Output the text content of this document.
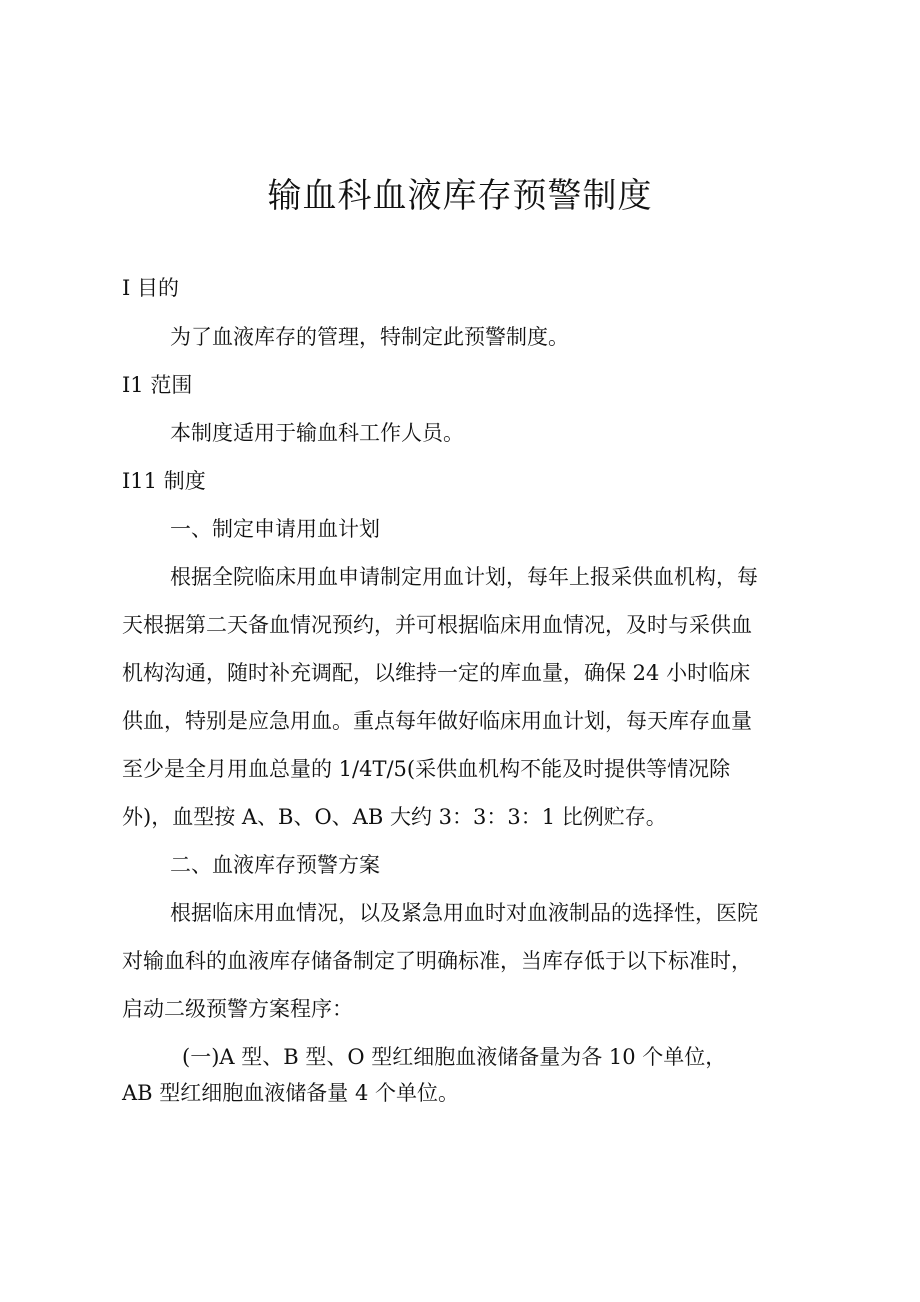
输血科血液库存预警制度

I 目的

为了血液库存的管理，特制定此预警制度。

I1 范围

本制度适用于输血科工作人员。

I11 制度

一、制定申请用血计划

根据全院临床用血申请制定用血计划，每年上报采供血机构，每

天根据第二天备血情况预约，并可根据临床用血情况，及时与采供血

机构沟通，随时补充调配，以维持一定的库血量，确保 24 小时临床

供血，特别是应急用血。重点每年做好临床用血计划，每天库存血量

至少是全月用血总量的 1/4T/5(采供血机构不能及时提供等情况除

外)，血型按 A、B、O、AB 大约 3：3：3：1 比例贮存。

二、血液库存预警方案

根据临床用血情况，以及紧急用血时对血液制品的选择性，医院

对输血科的血液库存储备制定了明确标准，当库存低于以下标准时，

启动二级预警方案程序：

(一)A 型、B 型、O 型红细胞血液储备量为各 10 个单位，

AB 型红细胞血液储备量 4 个单位。
